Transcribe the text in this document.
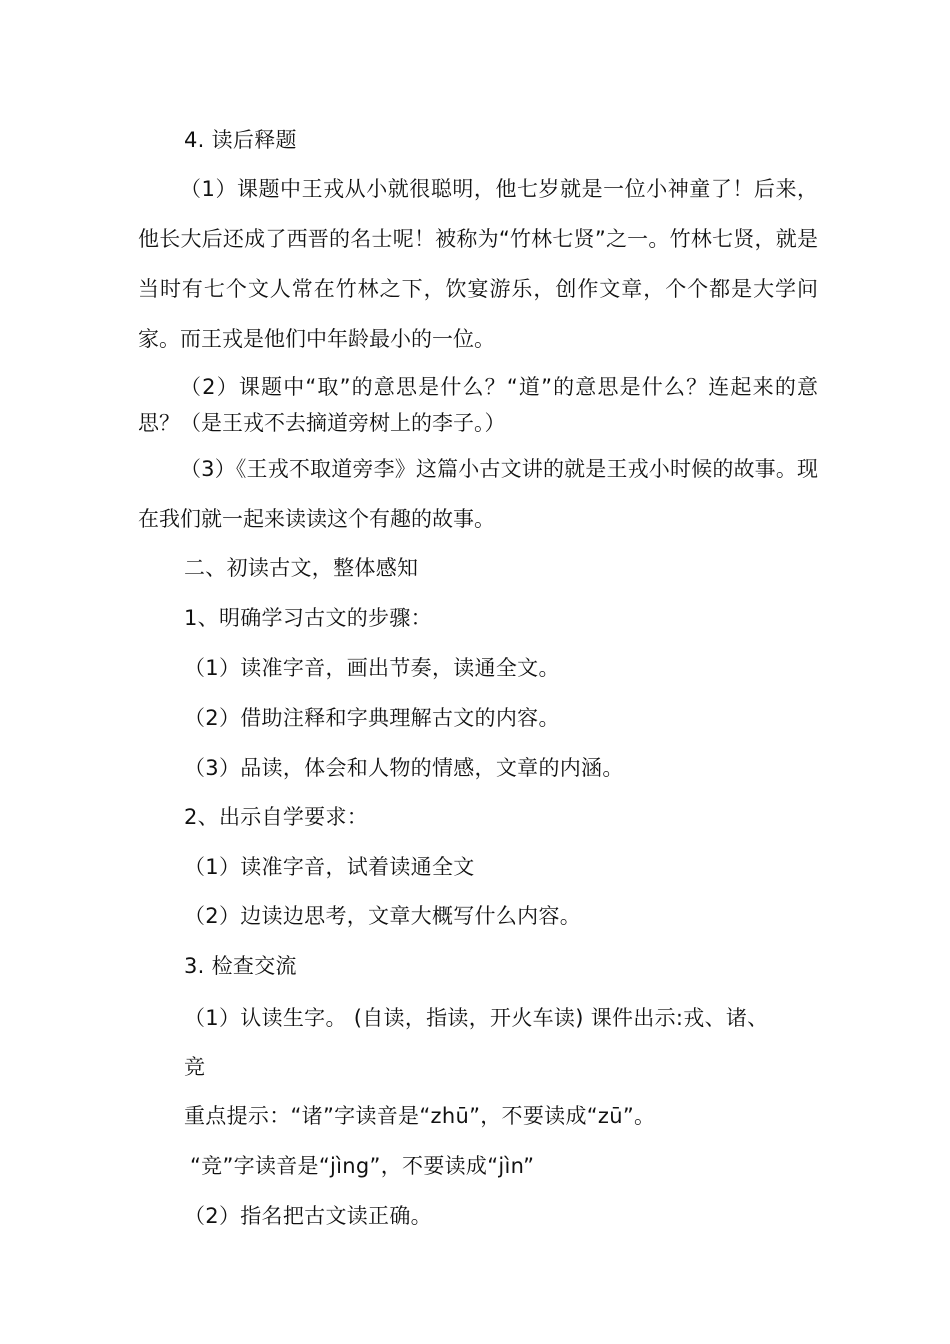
4. 读后释题

（1）课题中王戎从小就很聪明，他七岁就是一位小神童了！后来，他长大后还成了西晋的名士呢！被称为“竹林七贤”之一。竹林七贤，就是当时有七个文人常在竹林之下，饮宴游乐，创作文章，个个都是大学问家。而王戎是他们中年龄最小的一位。

（2）课题中“取”的意思是什么？“道”的意思是什么？连起来的意思？（是王戎不去摘道旁树上的李子。）

（3）《王戎不取道旁李》这篇小古文讲的就是王戎小时候的故事。现在我们就一起来读读这个有趣的故事。

二、初读古文，整体感知
1、明确学习古文的步骤：
（1）读准字音，画出节奏，读通全文。
（2）借助注释和字典理解古文的内容。
（3）品读，体会和人物的情感，文章的内涵。
2、出示自学要求：
（1）读准字音，试着读通全文
（2）边读边思考，文章大概写什么内容。
3. 检查交流
（1）认读生字。 (自读，指读，开火车读) 课件出示:戎、诸、
竞
重点提示：“诸”字读音是“zhū”，不要读成“zū”。
“竞”字读音是“jìng”，不要读成“jìn”
（2）指名把古文读正确。
